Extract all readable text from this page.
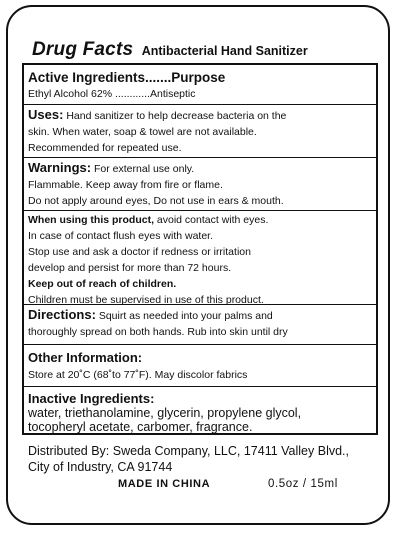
Drug Facts Antibacterial Hand Sanitizer
Active Ingredients.......Purpose
Ethyl Alcohol 62% ............Antiseptic
Uses: Hand sanitizer to help decrease bacteria on the
skin. When water, soap & towel are not available.
Recommended for repeated use.
Warnings: For external use only.
Flammable. Keep away from fire or flame.
Do not apply around eyes, Do not use in ears & mouth.
When using this product, avoid contact with eyes.
In case of contact flush eyes with water.
Stop use and ask a doctor if redness or irritation
develop and persist for more than 72 hours.
Keep out of reach of children.
Children must be supervised in use of this product.
Directions: Squirt as needed into your palms and
thoroughly spread on both hands. Rub into skin until dry
Other Information:
Store at 20˚C (68˚to 77˚F). May discolor fabrics
Inactive Ingredients:
water, triethanolamine, glycerin, propylene glycol,
tocopheryl acetate, carbomer, fragrance.
Distributed By: Sweda Company, LLC, 17411 Valley Blvd.,
City of Industry, CA 91744
MADE IN CHINA	0.5oz / 15ml
